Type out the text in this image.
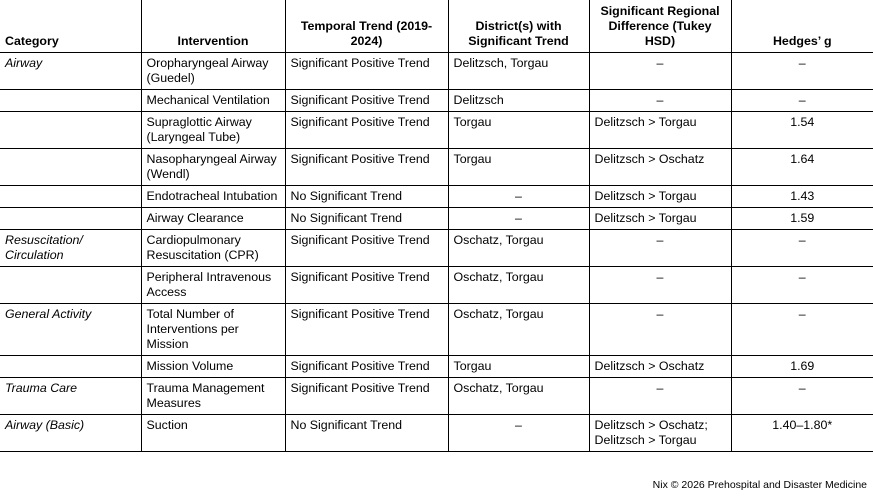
Category	Intervention	Temporal Trend (2019-2024)	District(s) with Significant Trend	Significant Regional Difference (Tukey HSD)	Hedges’ g
Airway	Oropharyngeal Airway (Guedel)	Significant Positive Trend	Delitzsch, Torgau	–	–
	Mechanical Ventilation	Significant Positive Trend	Delitzsch	–	–
	Supraglottic Airway (Laryngeal Tube)	Significant Positive Trend	Torgau	Delitzsch > Torgau	1.54
	Nasopharyngeal Airway (Wendl)	Significant Positive Trend	Torgau	Delitzsch > Oschatz	1.64
	Endotracheal Intubation	No Significant Trend	–	Delitzsch > Torgau	1.43
	Airway Clearance	No Significant Trend	–	Delitzsch > Torgau	1.59
Resuscitation/ Circulation	Cardiopulmonary Resuscitation (CPR)	Significant Positive Trend	Oschatz, Torgau	–	–
	Peripheral Intravenous Access	Significant Positive Trend	Oschatz, Torgau	–	–
General Activity	Total Number of Interventions per Mission	Significant Positive Trend	Oschatz, Torgau	–	–
	Mission Volume	Significant Positive Trend	Torgau	Delitzsch > Oschatz	1.69
Trauma Care	Trauma Management Measures	Significant Positive Trend	Oschatz, Torgau	–	–
Airway (Basic)	Suction	No Significant Trend	–	Delitzsch > Oschatz; Delitzsch > Torgau	1.40–1.80*
Nix © 2026 Prehospital and Disaster Medicine
